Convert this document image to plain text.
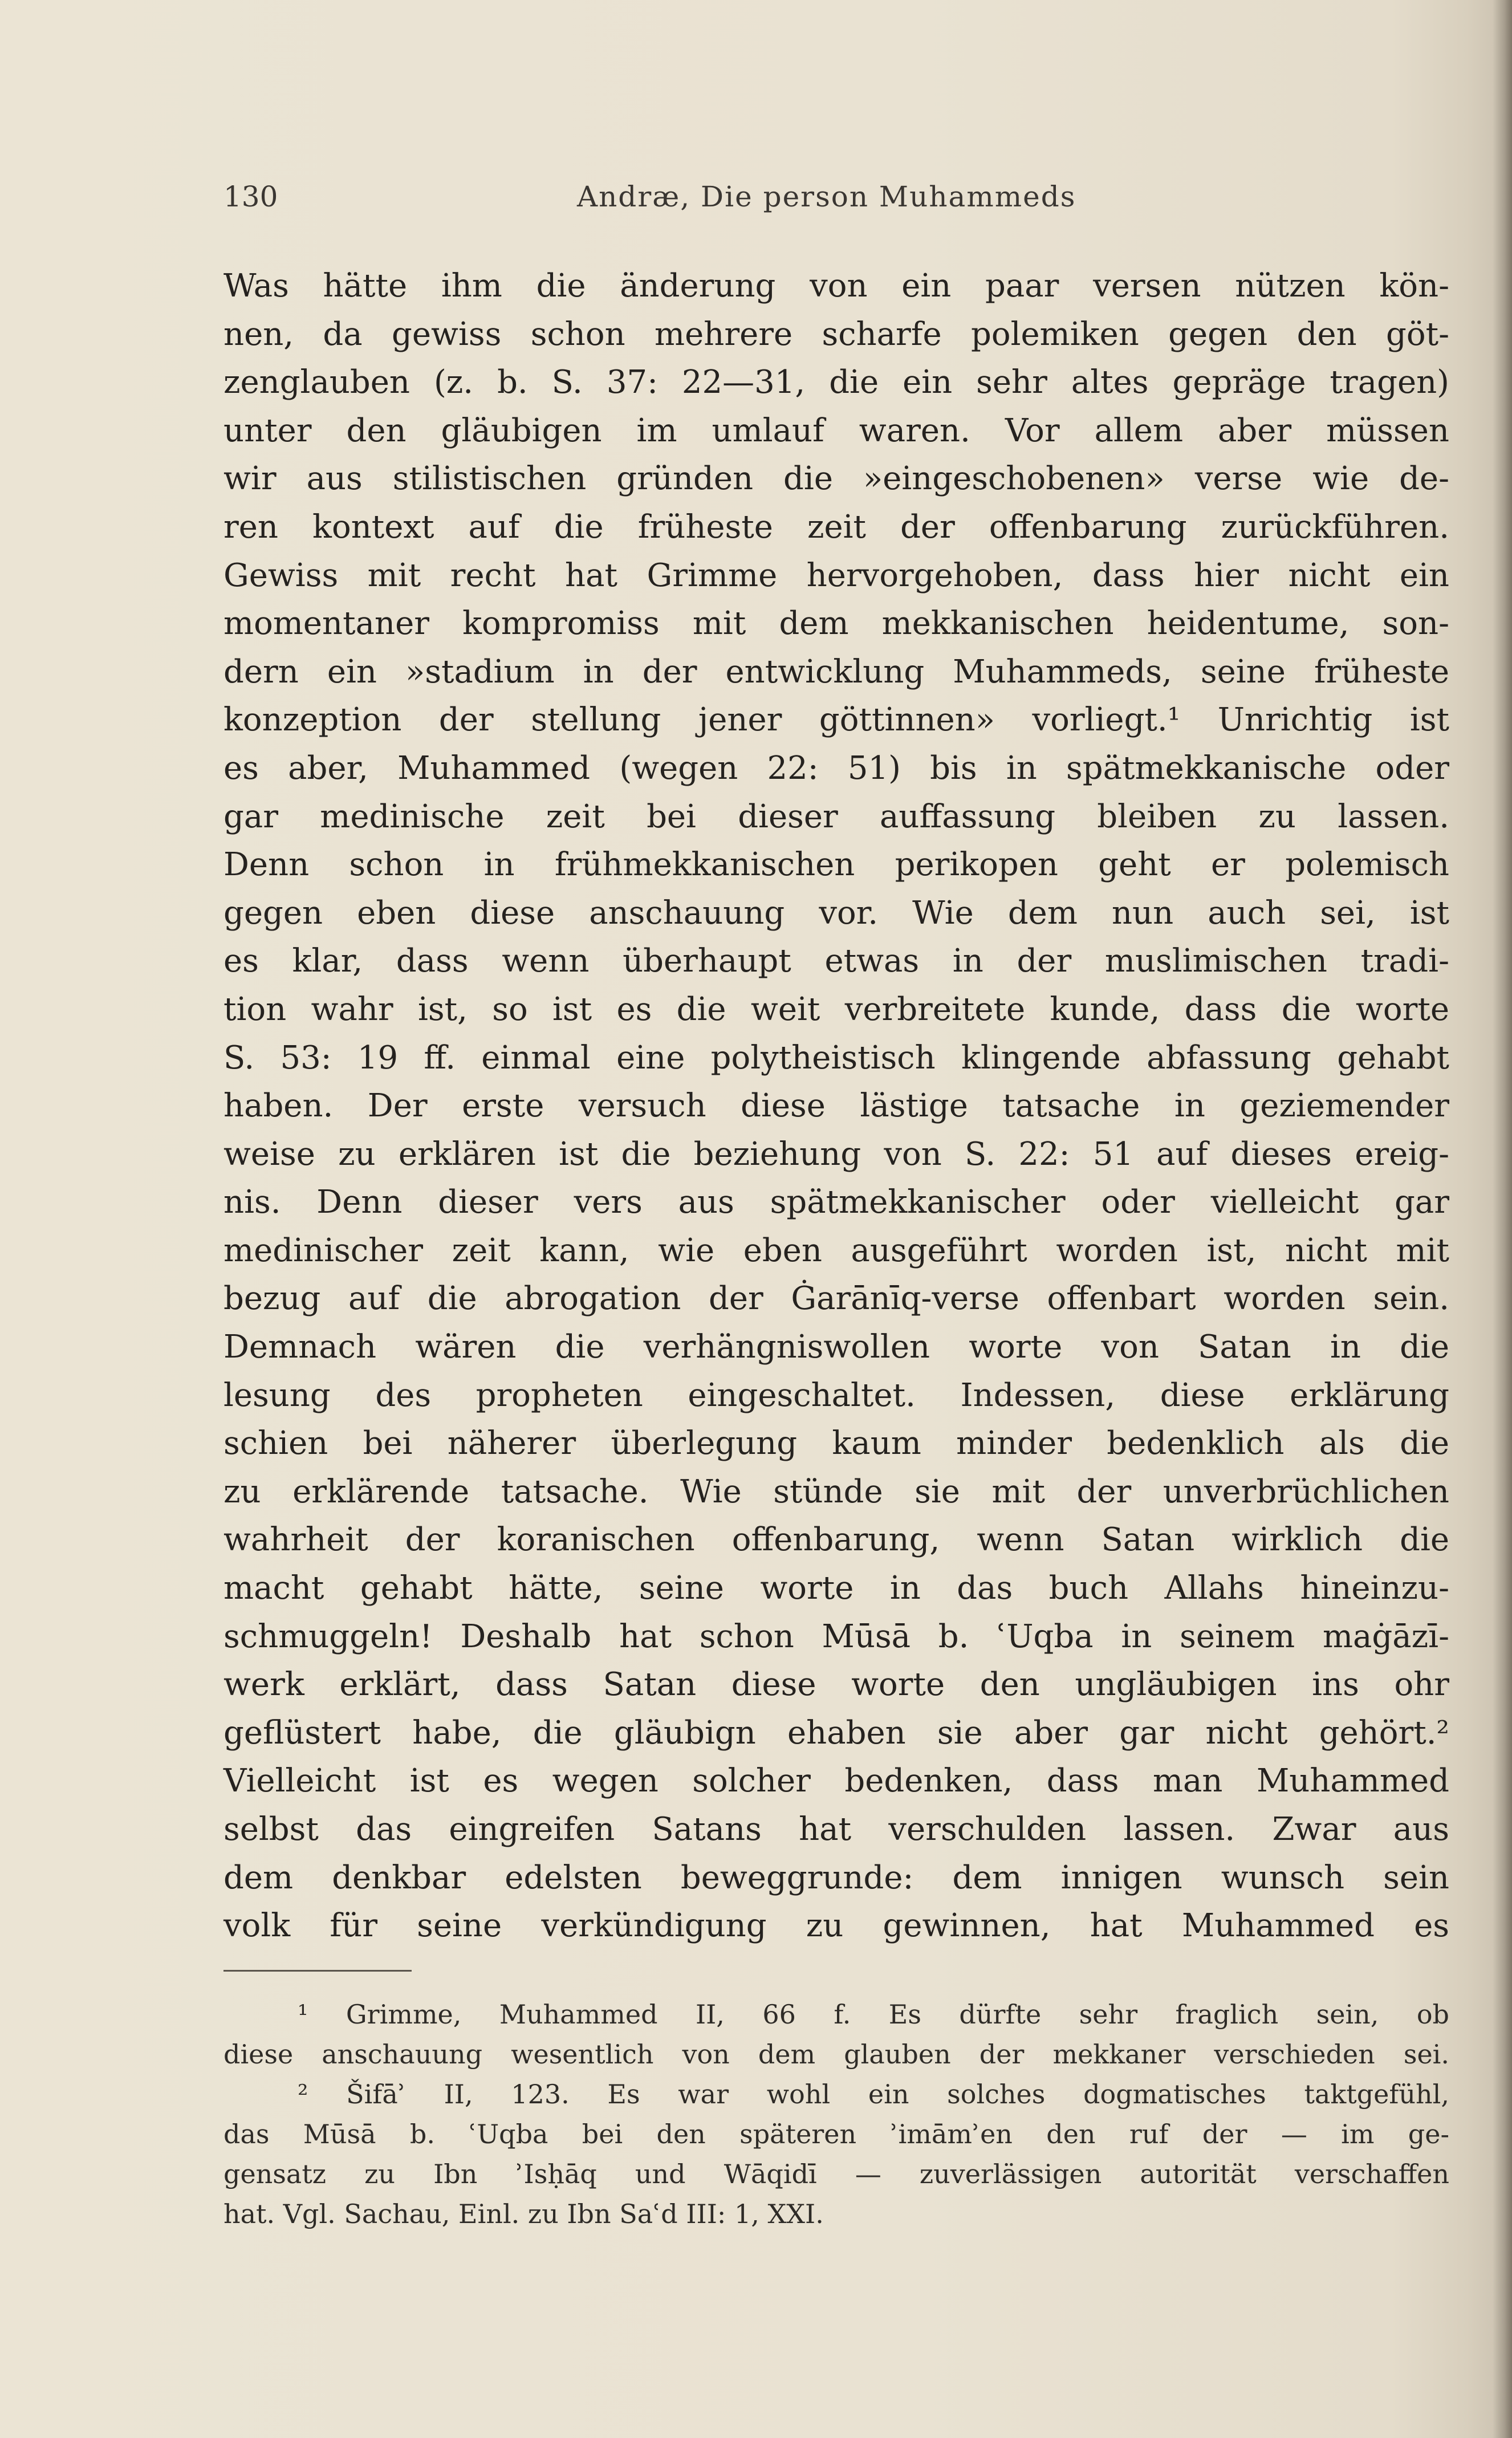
130	Andræ, Die person Muhammeds
Was hätte ihm die änderung von ein paar versen nützen kön-
nen, da gewiss schon mehrere scharfe polemiken gegen den göt-
zenglauben (z. b. S. 37: 22—31, die ein sehr altes gepräge tragen)
unter den gläubigen im umlauf waren. Vor allem aber müssen
wir aus stilistischen gründen die »eingeschobenen» verse wie de-
ren kontext auf die früheste zeit der offenbarung zurückführen.
Gewiss mit recht hat Grimme hervorgehoben, dass hier nicht ein
momentaner kompromiss mit dem mekkanischen heidentume, son-
dern ein »stadium in der entwicklung Muhammeds, seine früheste
konzeption der stellung jener göttinnen» vorliegt.¹ Unrichtig ist
es aber, Muhammed (wegen 22: 51) bis in spätmekkanische oder
gar medinische zeit bei dieser auffassung bleiben zu lassen.
Denn schon in frühmekkanischen perikopen geht er polemisch
gegen eben diese anschauung vor. Wie dem nun auch sei, ist
es klar, dass wenn überhaupt etwas in der muslimischen tradi-
tion wahr ist, so ist es die weit verbreitete kunde, dass die worte
S. 53: 19 ff. einmal eine polytheistisch klingende abfassung gehabt
haben. Der erste versuch diese lästige tatsache in geziemender
weise zu erklären ist die beziehung von S. 22: 51 auf dieses ereig-
nis. Denn dieser vers aus spätmekkanischer oder vielleicht gar
medinischer zeit kann, wie eben ausgeführt worden ist, nicht mit
bezug auf die abrogation der Ġarānīq-verse offenbart worden sein.
Demnach wären die verhängniswollen worte von Satan in die
lesung des propheten eingeschaltet. Indessen, diese erklärung
schien bei näherer überlegung kaum minder bedenklich als die
zu erklärende tatsache. Wie stünde sie mit der unverbrüchlichen
wahrheit der koranischen offenbarung, wenn Satan wirklich die
macht gehabt hätte, seine worte in das buch Allahs hineinzu-
schmuggeln! Deshalb hat schon Mūsā b. ʿUqba in seinem maġāzī-
werk erklärt, dass Satan diese worte den ungläubigen ins ohr
geflüstert habe, die gläubign ehaben sie aber gar nicht gehört.²
Vielleicht ist es wegen solcher bedenken, dass man Muhammed
selbst das eingreifen Satans hat verschulden lassen. Zwar aus
dem denkbar edelsten beweggrunde: dem innigen wunsch sein
volk für seine verkündigung zu gewinnen, hat Muhammed es
¹ Grimme, Muhammed II, 66 f. Es dürfte sehr fraglich sein, ob
diese anschauung wesentlich von dem glauben der mekkaner verschieden sei.
² Šifāʾ II, 123. Es war wohl ein solches dogmatisches taktgefühl,
das Mūsā b. ʿUqba bei den späteren ʾimāmʾen den ruf der — im ge-
gensatz zu Ibn ʾIsḥāq und Wāqidī — zuverlässigen autorität verschaffen
hat. Vgl. Sachau, Einl. zu Ibn Saʿd III: 1, XXI.
